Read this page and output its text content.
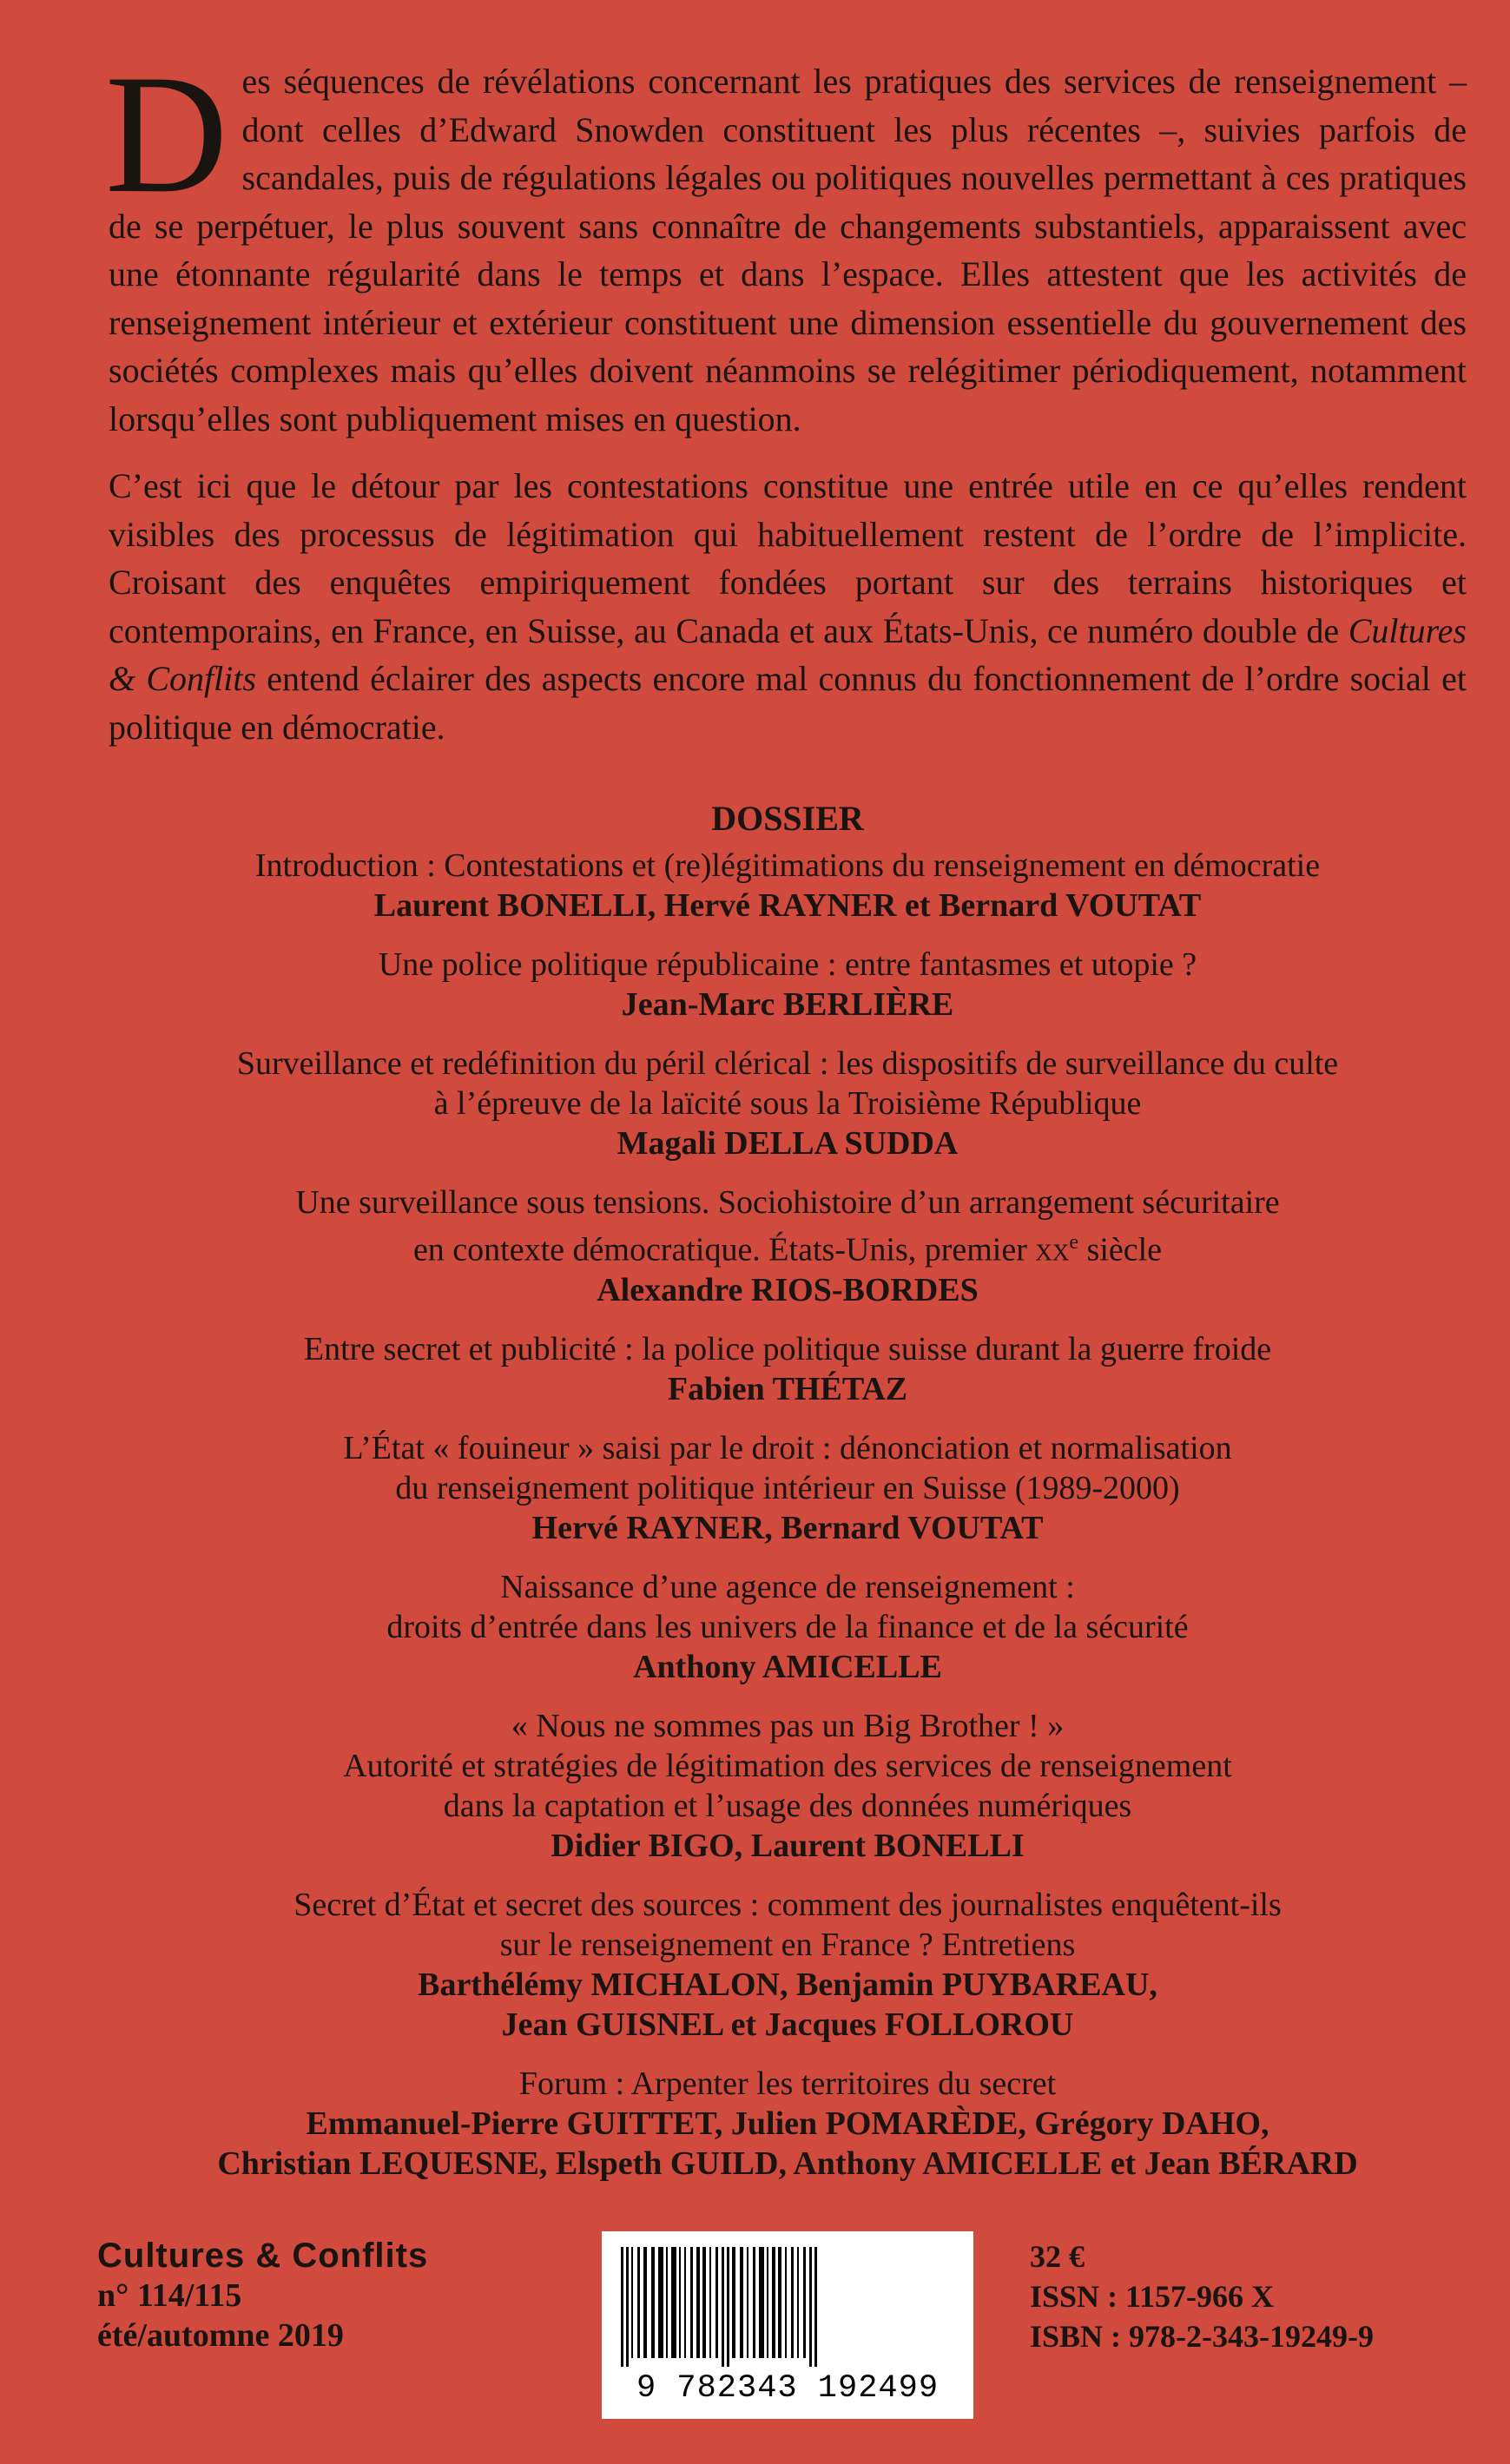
Des séquences de révélations concernant les pratiques des services de renseignement – dont celles d’Edward Snowden constituent les plus récentes –, suivies parfois de scandales, puis de régulations légales ou politiques nouvelles permettant à ces pratiques de se perpétuer, le plus souvent sans connaître de changements substantiels, apparaissent avec une étonnante régularité dans le temps et dans l’espace. Elles attestent que les activités de renseignement intérieur et extérieur constituent une dimension essentielle du gouvernement des sociétés complexes mais qu’elles doivent néanmoins se relégitimer périodiquement, notamment lorsqu’elles sont publiquement mises en question.

C’est ici que le détour par les contestations constitue une entrée utile en ce qu’elles rendent visibles des processus de légitimation qui habituellement restent de l’ordre de l’implicite. Croisant des enquêtes empiriquement fondées portant sur des terrains historiques et contemporains, en France, en Suisse, au Canada et aux États-Unis, ce numéro double de Cultures & Conflits entend éclairer des aspects encore mal connus du fonctionnement de l’ordre social et politique en démocratie.

DOSSIER
Introduction : Contestations et (re)légitimations du renseignement en démocratie
Laurent BONELLI, Hervé RAYNER et Bernard VOUTAT
Une police politique républicaine : entre fantasmes et utopie ?
Jean-Marc BERLIÈRE
Surveillance et redéfinition du péril clérical : les dispositifs de surveillance du culte
à l’épreuve de la laïcité sous la Troisième République
Magali DELLA SUDDA
Une surveillance sous tensions. Sociohistoire d’un arrangement sécuritaire
en contexte démocratique. États-Unis, premier $xx^e$ siècle
Alexandre RIOS-BORDES
Entre secret et publicité : la police politique suisse durant la guerre froide
Fabien THÉTAZ
L’État « fouineur » saisi par le droit : dénonciation et normalisation
du renseignement politique intérieur en Suisse (1989-2000)
Hervé RAYNER, Bernard VOUTAT
Naissance d’une agence de renseignement :
droits d’entrée dans les univers de la finance et de la sécurité
Anthony AMICELLE
« Nous ne sommes pas un Big Brother ! »
Autorité et stratégies de légitimation des services de renseignement
dans la captation et l’usage des données numériques
Didier BIGO, Laurent BONELLI
Secret d’État et secret des sources : comment des journalistes enquêtent-ils
sur le renseignement en France ? Entretiens
Barthélémy MICHALON, Benjamin PUYBAREAU,
Jean GUISNEL et Jacques FOLLOROU
Forum : Arpenter les territoires du secret
Emmanuel-Pierre GUITTET, Julien POMARÈDE, Grégory DAHO,
Christian LEQUESNE, Elspeth GUILD, Anthony AMICELLE et Jean BÉRARD
Cultures & Conflits
n° 114/115
été/automne 2019
9 782343 192499
32 €
ISSN : 1157-966 X
ISBN : 978-2-343-19249-9
